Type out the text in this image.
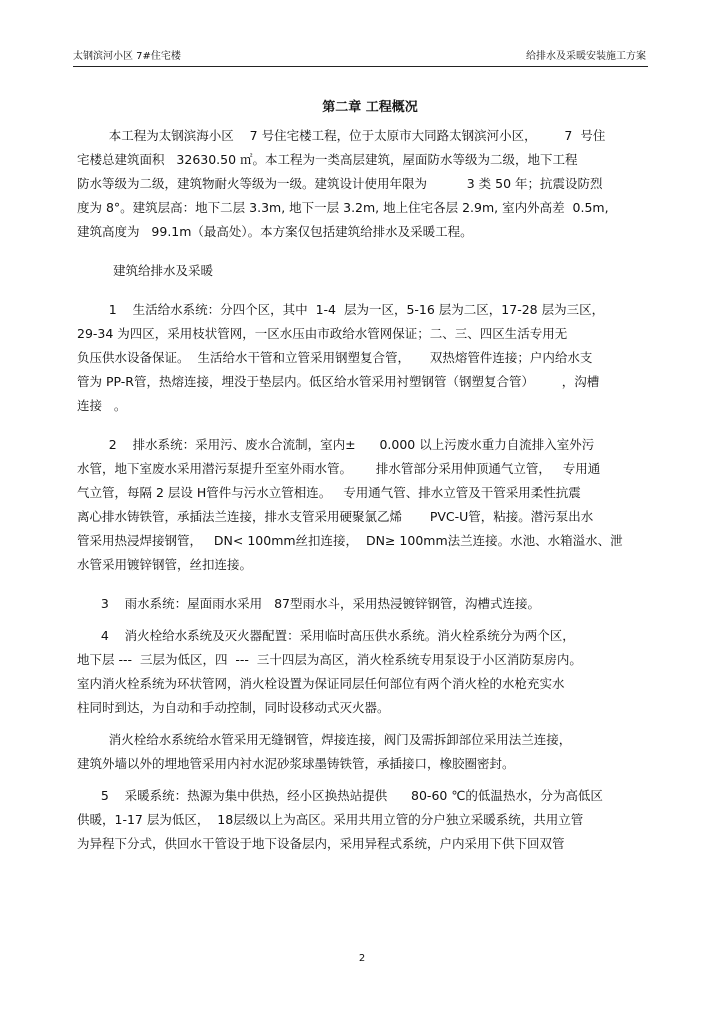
太钢滨河小区 7#住宅楼	给排水及采暖安装施工方案
第二章 工程概况
本工程为太钢滨海小区    7 号住宅楼工程，位于太原市大同路太钢滨河小区，       7  号住
宅楼总建筑面积   32630.50 ㎡。本工程为一类高层建筑，屋面防水等级为二级，地下工程
防水等级为二级，建筑物耐火等级为一级。建筑设计使用年限为          3 类 50 年；抗震设防烈
度为 8°。建筑层高：地下二层 3.3m, 地下一层 3.2m, 地上住宅各层 2.9m, 室内外高差  0.5m,
建筑高度为   99.1m（最高处）。本方案仅包括建筑给排水及采暖工程。
建筑给排水及采暖
1    生活给水系统：分四个区，其中  1-4  层为一区，5-16 层为二区，17-28 层为三区，
29-34 为四区，采用枝状管网，一区水压由市政给水管网保证；二、三、四区生活专用无
负压供水设备保证。  生活给水干管和立管采用钢塑复合管，     双热熔管件连接；户内给水支
管为 PP-R管，热熔连接，埋没于垫层内。低区给水管采用衬塑钢管（钢塑复合管）       ，沟槽
连接   。
2    排水系统：采用污、废水合流制，室内±      0.000 以上污废水重力自流排入室外污
水管，地下室废水采用潜污泵提升至室外雨水管。      排水管部分采用伸顶通气立管，   专用通
气立管，每隔 2 层设 H管件与污水立管相连。   专用通气管、排水立管及干管采用柔性抗震
离心排水铸铁管，承插法兰连接，排水支管采用硬聚氯乙烯       PVC-U管，粘接。潜污泵出水
管采用热浸焊接钢管，   DN< 100mm丝扣连接，  DN≥ 100mm法兰连接。水池、水箱溢水、泄
水管采用镀锌钢管，丝扣连接。
3    雨水系统：屋面雨水采用   87型雨水斗，采用热浸镀锌钢管，沟槽式连接。
4    消火栓给水系统及灭火器配置：采用临时高压供水系统。消火栓系统分为两个区，
地下层 ---  三层为低区，四  ---  三十四层为高区，消火栓系统专用泵设于小区消防泵房内。
室内消火栓系统为环状管网，消火栓设置为保证同层任何部位有两个消火栓的水枪充实水
柱同时到达，为自动和手动控制，同时设移动式灭火器。
消火栓给水系统给水管采用无缝钢管，焊接连接，阀门及需拆卸部位采用法兰连接，
建筑外墙以外的埋地管采用内衬水泥砂浆球墨铸铁管，承插接口，橡胶圈密封。
5    采暖系统：热源为集中供热，经小区换热站提供      80-60 ℃的低温热水，分为高低区
供暖，1-17 层为低区，  18层级以上为高区。采用共用立管的分户独立采暖系统，共用立管
为异程下分式，供回水干管设于地下设备层内，采用异程式系统，户内采用下供下回双管
2
